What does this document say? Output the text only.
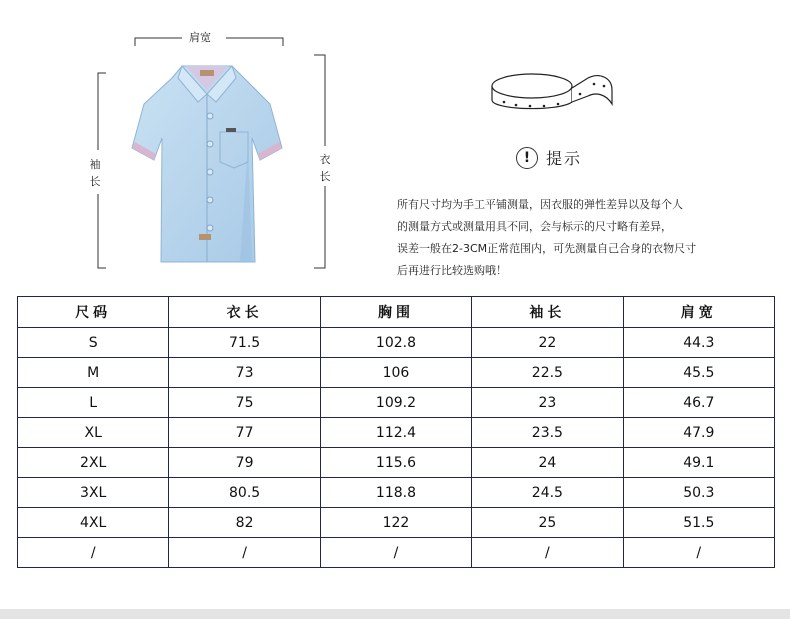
肩宽
袖长
衣长
! 提示
所有尺寸均为手工平铺测量，因衣服的弹性差异以及每个人
的测量方式或测量用具不同，会与标示的尺寸略有差异，
误差一般在2-3CM正常范围内，可先测量自己合身的衣物尺寸
后再进行比较选购哦！
尺码	衣长	胸围	袖长	肩宽
S	71.5	102.8	22	44.3
M	73	106	22.5	45.5
L	75	109.2	23	46.7
XL	77	112.4	23.5	47.9
2XL	79	115.6	24	49.1
3XL	80.5	118.8	24.5	50.3
4XL	82	122	25	51.5
/	/	/	/	/
